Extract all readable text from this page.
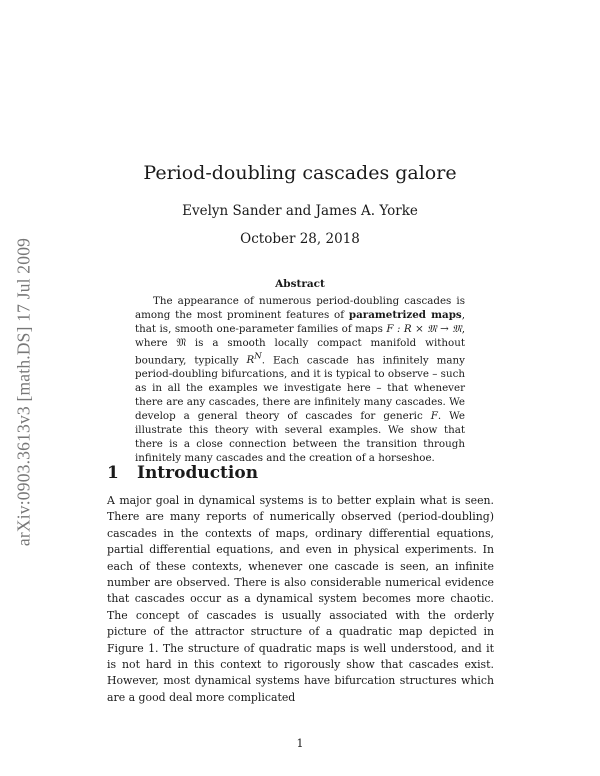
arXiv:0903.3613v3 [math.DS] 17 Jul 2009
Period-doubling cascades galore
Evelyn Sander and James A. Yorke
October 28, 2018
Abstract

The appearance of numerous period-doubling cascades is among the most prominent features of parametrized maps, that is, smooth one-parameter families of maps F : R × 𝔐 → 𝔐, where 𝔐 is a smooth locally compact manifold without boundary, typically $R^N$. Each cascade has infinitely many period-doubling bifurcations, and it is typical to observe – such as in all the examples we investigate here – that whenever there are any cascades, there are infinitely many cascades. We develop a general theory of cascades for generic F. We illustrate this theory with several examples. We show that there is a close connection between the transition through infinitely many cascades and the creation of a horseshoe.

1 Introduction

A major goal in dynamical systems is to better explain what is seen. There are many reports of numerically observed (period-doubling) cascades in the contexts of maps, ordinary differential equations, partial differential equations, and even in physical experiments. In each of these contexts, whenever one cascade is seen, an infinite number are observed. There is also considerable numerical evidence that cascades occur as a dynamical system becomes more chaotic. The concept of cascades is usually associated with the orderly picture of the attractor structure of a quadratic map depicted in Figure 1. The structure of quadratic maps is well understood, and it is not hard in this context to rigorously show that cascades exist. However, most dynamical systems have bifurcation structures which are a good deal more complicated

1
